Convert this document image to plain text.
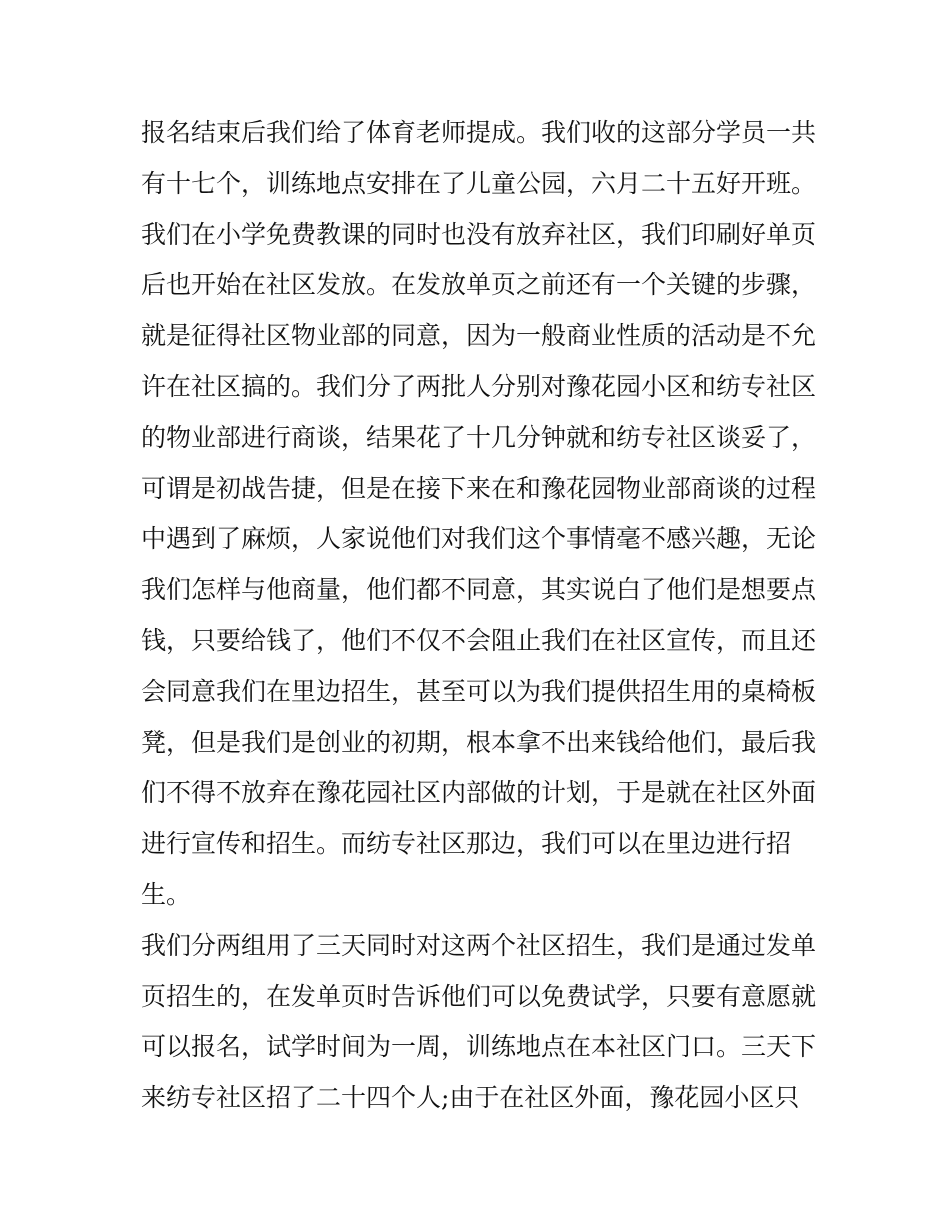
报名结束后我们给了体育老师提成。我们收的这部分学员一共
有十七个，训练地点安排在了儿童公园，六月二十五好开班。
我们在小学免费教课的同时也没有放弃社区，我们印刷好单页
后也开始在社区发放。在发放单页之前还有一个关键的步骤，
就是征得社区物业部的同意，因为一般商业性质的活动是不允
许在社区搞的。我们分了两批人分别对豫花园小区和纺专社区
的物业部进行商谈，结果花了十几分钟就和纺专社区谈妥了，
可谓是初战告捷，但是在接下来在和豫花园物业部商谈的过程
中遇到了麻烦，人家说他们对我们这个事情毫不感兴趣，无论
我们怎样与他商量，他们都不同意，其实说白了他们是想要点
钱，只要给钱了，他们不仅不会阻止我们在社区宣传，而且还
会同意我们在里边招生，甚至可以为我们提供招生用的桌椅板
凳，但是我们是创业的初期，根本拿不出来钱给他们，最后我
们不得不放弃在豫花园社区内部做的计划，于是就在社区外面
进行宣传和招生。而纺专社区那边，我们可以在里边进行招
生。
我们分两组用了三天同时对这两个社区招生，我们是通过发单
页招生的，在发单页时告诉他们可以免费试学，只要有意愿就
可以报名，试学时间为一周，训练地点在本社区门口。三天下
来纺专社区招了二十四个人;由于在社区外面，豫花园小区只
